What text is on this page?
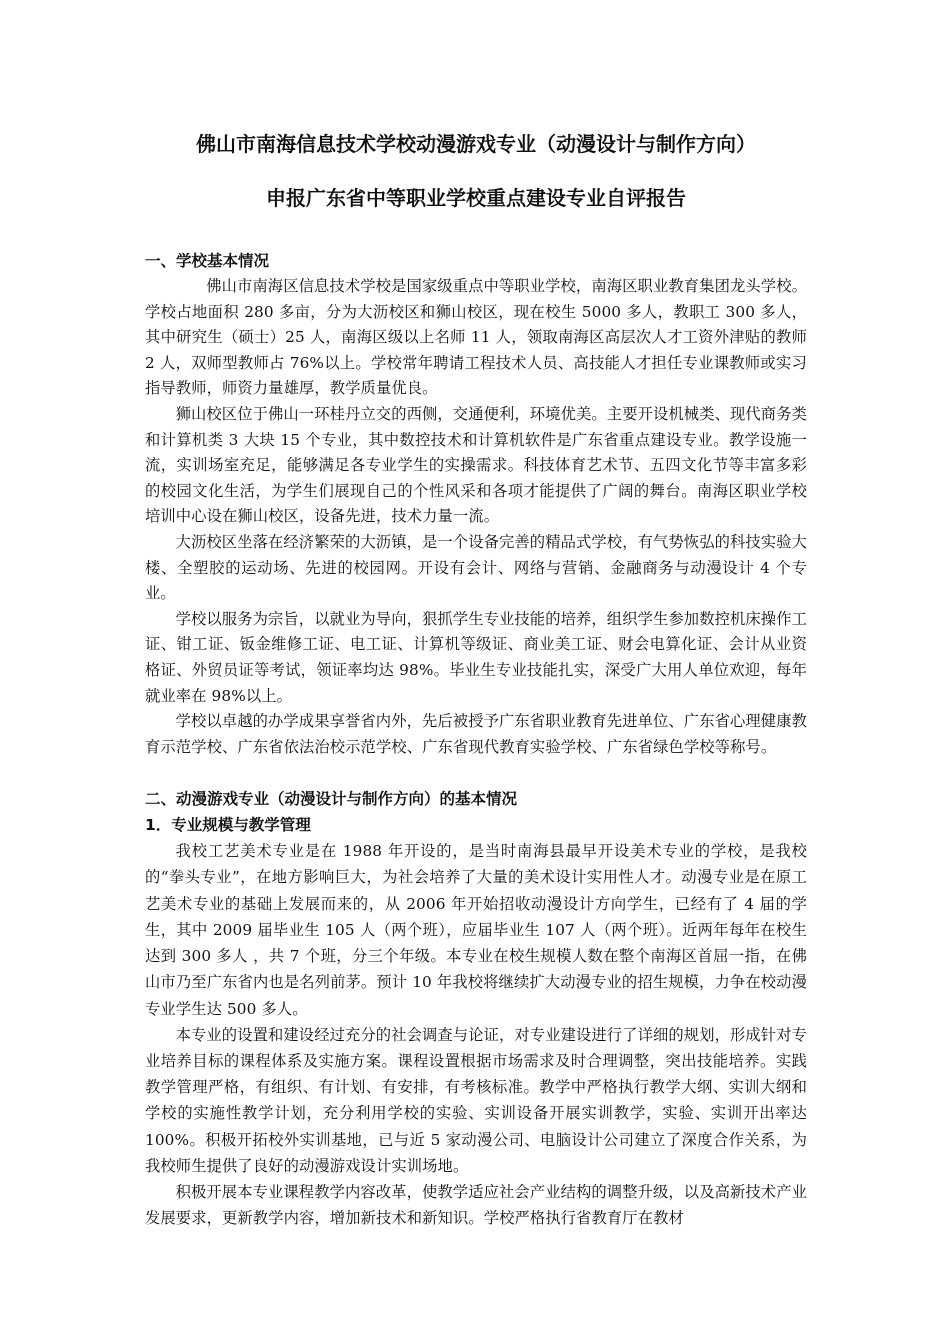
佛山市南海信息技术学校动漫游戏专业（动漫设计与制作方向）
申报广东省中等职业学校重点建设专业自评报告
一、学校基本情况

佛山市南海区信息技术学校是国家级重点中等职业学校，南海区职业教育集团龙头学校。学校占地面积 280 多亩，分为大沥校区和狮山校区，现在校生 5000 多人，教职工 300 多人，其中研究生（硕士）25 人，南海区级以上名师 11 人，领取南海区高层次人才工资外津贴的教师 2 人，双师型教师占 76%以上。学校常年聘请工程技术人员、高技能人才担任专业课教师或实习指导教师，师资力量雄厚，教学质量优良。

狮山校区位于佛山一环桂丹立交的西侧，交通便利，环境优美。主要开设机械类、现代商务类和计算机类 3 大块 15 个专业，其中数控技术和计算机软件是广东省重点建设专业。教学设施一流，实训场室充足，能够满足各专业学生的实操需求。科技体育艺术节、五四文化节等丰富多彩的校园文化生活，为学生们展现自己的个性风采和各项才能提供了广阔的舞台。南海区职业学校培训中心设在狮山校区，设备先进，技术力量一流。

大沥校区坐落在经济繁荣的大沥镇，是一个设备完善的精品式学校，有气势恢弘的科技实验大楼、全塑胶的运动场、先进的校园网。开设有会计、网络与营销、金融商务与动漫设计 4 个专业。

学校以服务为宗旨，以就业为导向，狠抓学生专业技能的培养，组织学生参加数控机床操作工证、钳工证、钣金维修工证、电工证、计算机等级证、商业美工证、财会电算化证、会计从业资格证、外贸员证等考试，领证率均达 98%。毕业生专业技能扎实，深受广大用人单位欢迎，每年就业率在 98%以上。

学校以卓越的办学成果享誉省内外，先后被授予广东省职业教育先进单位、广东省心理健康教育示范学校、广东省依法治校示范学校、广东省现代教育实验学校、广东省绿色学校等称号。

二、动漫游戏专业（动漫设计与制作方向）的基本情况
1．专业规模与教学管理

我校工艺美术专业是在 1988 年开设的，是当时南海县最早开设美术专业的学校，是我校的“拳头专业”，在地方影响巨大，为社会培养了大量的美术设计实用性人才。动漫专业是在原工艺美术专业的基础上发展而来的，从 2006 年开始招收动漫设计方向学生，已经有了 4 届的学生，其中 2009 届毕业生 105 人（两个班），应届毕业生 107 人（两个班）。近两年每年在校生达到 300 多人 ，共 7 个班，分三个年级。本专业在校生规模人数在整个南海区首屈一指，在佛山市乃至广东省内也是名列前茅。预计 10 年我校将继续扩大动漫专业的招生规模，力争在校动漫专业学生达 500 多人。

本专业的设置和建设经过充分的社会调查与论证，对专业建设进行了详细的规划，形成针对专业培养目标的课程体系及实施方案。课程设置根据市场需求及时合理调整，突出技能培养。实践教学管理严格，有组织、有计划、有安排，有考核标准。教学中严格执行教学大纲、实训大纲和学校的实施性教学计划，充分利用学校的实验、实训设备开展实训教学，实验、实训开出率达 100%。积极开拓校外实训基地，已与近 5 家动漫公司、电脑设计公司建立了深度合作关系，为我校师生提供了良好的动漫游戏设计实训场地。

积极开展本专业课程教学内容改革，使教学适应社会产业结构的调整升级，以及高新技术产业发展要求，更新教学内容，增加新技术和新知识。学校严格执行省教育厅在教材
